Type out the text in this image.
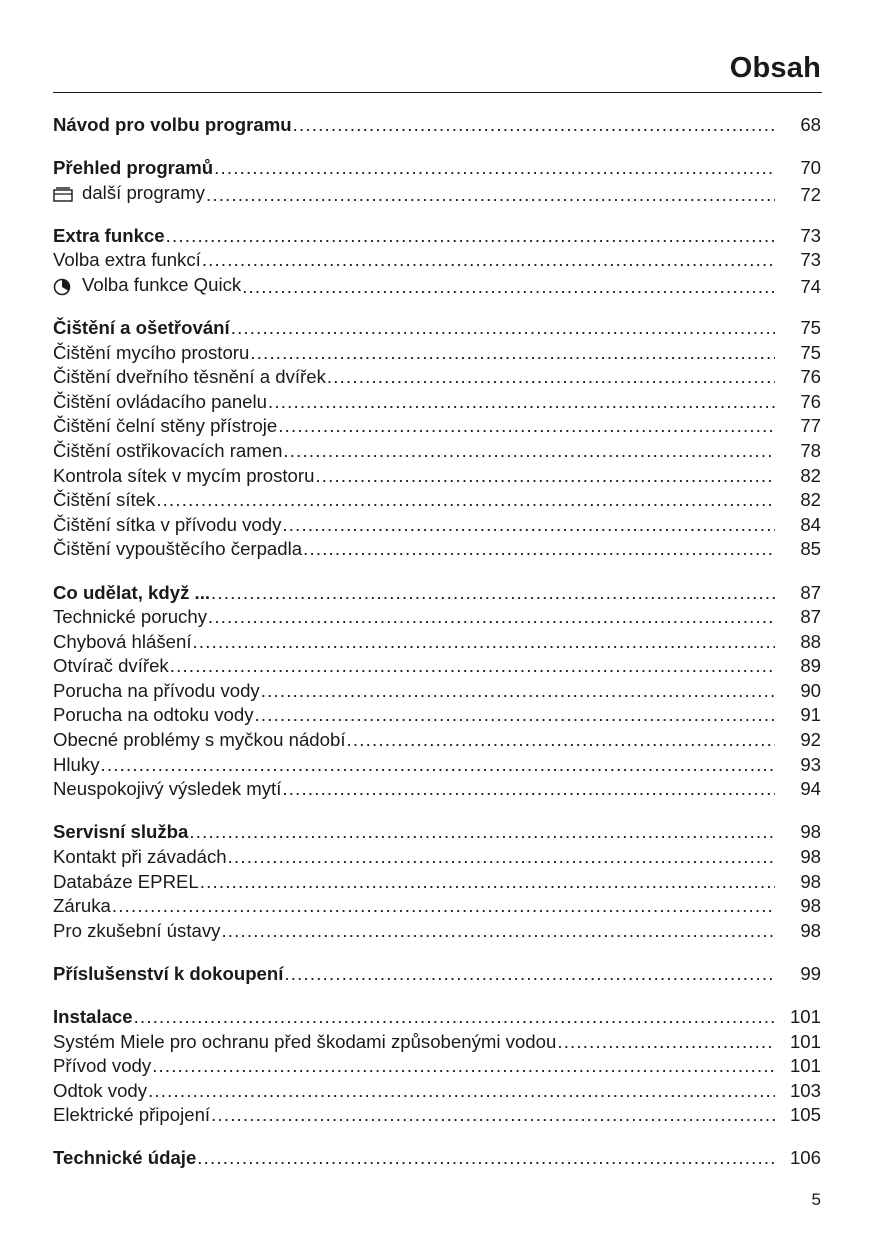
Obsah
Návod pro volbu programu .....	68
Přehled programů .....	70
další programy .....	72
Extra funkce .....	73
Volba extra funkcí .....	73
Volba funkce Quick .....	74
Čištění a ošetřování .....	75
Čištění mycího prostoru .....	75
Čištění dveřního těsnění a dvířek .....	76
Čištění ovládacího panelu .....	76
Čištění čelní stěny přístroje .....	77
Čištění ostřikovacích ramen .....	78
Kontrola sítek v mycím prostoru .....	82
Čištění sítek .....	82
Čištění sítka v přívodu vody .....	84
Čištění vypouštěcího čerpadla .....	85
Co udělat, když ... .....	87
Technické poruchy .....	87
Chybová hlášení .....	88
Otvírač dvířek .....	89
Porucha na přívodu vody .....	90
Porucha na odtoku vody .....	91
Obecné problémy s myčkou nádobí .....	92
Hluky .....	93
Neuspokojivý výsledek mytí .....	94
Servisní služba .....	98
Kontakt při závadách .....	98
Databáze EPREL .....	98
Záruka .....	98
Pro zkušební ústavy .....	98
Příslušenství k dokoupení .....	99
Instalace .....	101
Systém Miele pro ochranu před škodami způsobenými vodou .....	101
Přívod vody .....	101
Odtok vody .....	103
Elektrické připojení .....	105
Technické údaje .....	106
5
